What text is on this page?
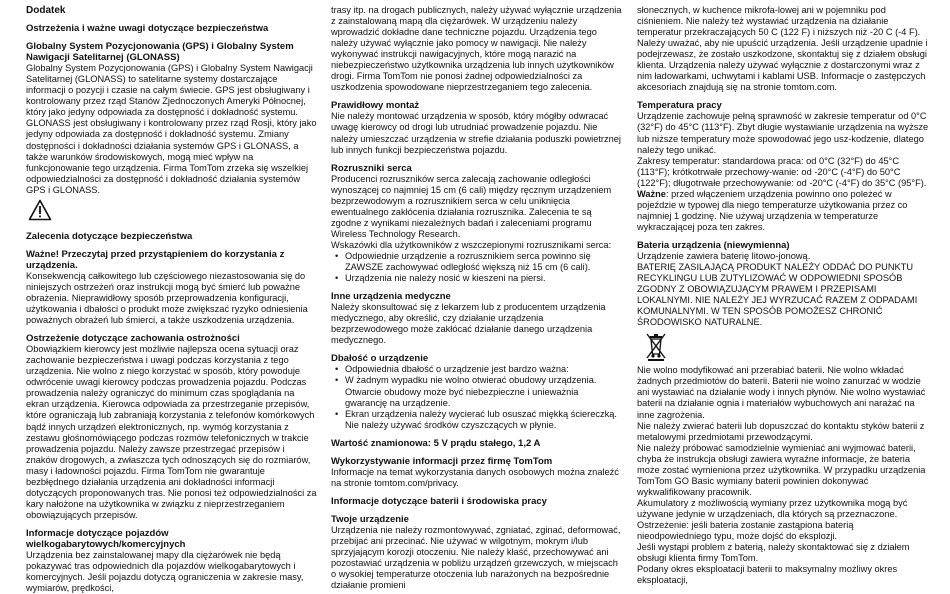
Dodatek

Ostrzeżenia i ważne uwagi dotyczące bezpieczeństwa

Globalny System Pozycjonowania (GPS) i Globalny System Nawigacji Satelitarnej (GLONASS)

Globalny System Pozycjonowania (GPS) i Globalny System Nawigacji Satelitarnej (GLONASS) to satelitarne systemy dostarczające informacji o pozycji i czasie na całym świecie. GPS jest obsługiwany i kontrolowany przez rząd Stanów Zjednoczonych Ameryki Północnej, który jako jedyny odpowiada za dostępność i dokładność systemu. GLONASS jest obsługiwany i kontrolowany przez rząd Rosji, który jako jedyny odpowiada za dostępność i dokładność systemu. Zmiany dostępności i dokładności działania systemów GPS i GLONASS, a także warunków środowiskowych, mogą mieć wpływ na funkcjonowanie tego urządzenia. Firma TomTom zrzeka się wszelkiej odpowiedzialności za dostępność i dokładność działania systemów GPS i GLONASS.

Zalecenia dotyczące bezpieczeństwa

Ważne! Przeczytaj przed przystąpieniem do korzystania z urządzenia.

Konsekwencją całkowitego lub częściowego niezastosowania się do niniejszych ostrzeżeń oraz instrukcji mogą być śmierć lub poważne obrażenia. Nieprawidłowy sposób przeprowadzenia konfiguracji, użytkowania i dbałości o produkt może zwiększać ryzyko odniesienia poważnych obrażeń lub śmierci, a także uszkodzenia urządzenia.

Ostrzeżenie dotyczące zachowania ostrożności

Obowiązkiem kierowcy jest możliwie najlepsza ocena sytuacji oraz zachowanie bezpieczeństwa i uwagi podczas korzystania z tego urządzenia. Nie wolno z niego korzystać w sposób, który powoduje odwrócenie uwagi kierowcy podczas prowadzenia pojazdu. Podczas prowadzenia należy ograniczyć do minimum czas spoglądania na ekran urządzenia. Kierowca odpowiada za przestrzeganie przepisów, które ograniczają lub zabraniają korzystania z telefonów komórkowych bądź innych urządzeń elektronicznych, np. wymóg korzystania z zestawu głośnomówiącego podczas rozmów telefonicznych w trakcie prowadzenia pojazdu. Należy zawsze przestrzegać przepisów i znaków drogowych, a zwłaszcza tych odnoszących się do rozmiarów, masy i ładowności pojazdu. Firma TomTom nie gwarantuje bezbłędnego działania urządzenia ani dokładności informacji dotyczących proponowanych tras. Nie ponosi też odpowiedzialności za kary nałożone na użytkownika w związku z nieprzestrzeganiem obowiązujących przepisów.

Informacje dotyczące pojazdów wielkogabarytowych/komercyjnych

Urządzenia bez zainstalowanej mapy dla ciężarówek nie będą pokazywać tras odpowiednich dla pojazdów wielkogabarytowych i komercyjnych. Jeśli pojazdu dotyczą ograniczenia w zakresie masy, wymiarów, prędkości,

trasy itp. na drogach publicznych, należy używać wyłącznie urządzenia z zainstalowaną mapą dla ciężarówek. W urządzeniu należy wprowadzić dokładne dane techniczne pojazdu. Urządzenia tego należy używać wyłącznie jako pomocy w nawigacji. Nie należy wykonywać instrukcji nawigacyjnych, które mogą narazić na niebezpieczeństwo użytkownika urządzenia lub innych użytkowników drogi. Firma TomTom nie ponosi żadnej odpowiedzialności za uszkodzenia spowodowane nieprzestrzeganiem tego zalecenia.

Prawidłowy montaż

Nie należy montować urządzenia w sposób, który mógłby odwracać uwagę kierowcy od drogi lub utrudniać prowadzenie pojazdu. Nie należy umieszczać urządzenia w strefie działania poduszki powietrznej lub innych funkcji bezpieczeństwa pojazdu.

Rozruszniki serca

Producenci rozruszników serca zalecają zachowanie odległości wynoszącej co najmniej 15 cm (6 cali) między ręcznym urządzeniem bezprzewodowym a rozrusznikiem serca w celu uniknięcia ewentualnego zakłócenia działania rozrusznika. Zalecenia te są zgodne z wynikami niezależnych badań i zaleceniami programu Wireless Technology Research.

Wskazówki dla użytkowników z wszczepionymi rozrusznikami serca:

• Odpowiednie urządzenie a rozrusznikiem serca powinno się ZAWSZE zachowywać odległość większą niż 15 cm (6 cali).
• Urządzenia nie należy nosić w kieszeni na piersi.

Inne urządzenia medyczne

Należy skonsultować się z lekarzem lub z producentem urządzenia medycznego, aby określić, czy działanie urządzenia bezprzewodowego może zakłócać działanie danego urządzenia medycznego.

Dbałość o urządzenie

• Odpowiednia dbałość o urządzenie jest bardzo ważna:
• W żadnym wypadku nie wolno otwierać obudowy urządzenia. Otwarcie obudowy może być niebezpieczne i unieważnia gwarancję na urządzenie.
• Ekran urządzenia należy wycierać lub osuszać miękką ściereczką. Nie należy używać środków czyszczących w płynie.

Wartość znamionowa: 5 V prądu stałego, 1,2 A

Wykorzystywanie informacji przez firmę TomTom

Informacje na temat wykorzystania danych osobowych można znaleźć na stronie tomtom.com/privacy.

Informacje dotyczące baterii i środowiska pracy

Twoje urządzenie

Urządzenia nie należy rozmontowywać, zgniatać, zginać, deformować, przebijać ani przecinać. Nie używać w wilgotnym, mokrym i/lub sprzyjającym korozji otoczeniu. Nie należy kłaść, przechowywać ani pozostawiać urządzenia w pobliżu urządzeń grzewczych, w miejscach o wysokiej temperaturze otoczenia lub narażonych na bezpośrednie działanie promieni

słonecznych, w kuchence mikrofa-lowej ani w pojemniku pod ciśnieniem. Nie należy też wystawiać urządzenia na działanie temperatur przekraczających 50 C (122 F) i niższych niż -20 C (-4 F).

Należy uważać, aby nie upuścić urządzenia. Jeśli urządzenie upadnie i podejrzewasz, że zostało uszkodzone, skontaktuj się z działem obsługi klienta. Urządzenia należy używać wyłącznie z dostarczonymi wraz z nim ładowarkami, uchwytami i kablami USB. Informacje o zastępczych akcesoriach znajdują się na stronie tomtom.com.

Temperatura pracy

Urządzenie zachowuje pełną sprawność w zakresie temperatur od 0°C (32°F) do 45°C (113°F). Zbyt długie wystawianie urządzenia na wyższe lub niższe temperatury może spowodować jego usz-kodzenie, dlatego należy tego unikać.

Zakresy temperatur: standardowa praca: od 0°C (32°F) do 45°C (113°F); krótkotrwałe przechowy-wanie: od -20°C (-4°F) do 50°C (122°F); długotrwałe przechowywanie: od -20°C (-4°F) do 35°C (95°F).

Ważne: przed włączeniem urządzenia powinno ono poleżeć w pojeździe w typowej dla niego temperaturze użytkowania przez co najmniej 1 godzinę. Nie używaj urządzenia w temperaturze wykraczającej poza ten zakres.

Bateria urządzenia (niewymienna)

Urządzenie zawiera baterię litowo-jonową.

BATERIĘ ZASILAJĄCĄ PRODUKT NALEŻY ODDAĆ DO PUNKTU RECYKLINGU LUB ZUTYLIZOWAĆ W ODPOWIEDNI SPOSÓB ZGODNY Z OBOWIĄZUJĄCYM PRAWEM I PRZEPISAMI LOKALNYMI. NIE NALEŻY JEJ WYRZUCAĆ RAZEM Z ODPADAMI KOMUNALNYMI. W TEN SPOSÓB POMOŻESZ CHRONIĆ ŚRODOWISKO NATURALNE.

Nie wolno modyfikować ani przerabiać baterii. Nie wolno wkładać żadnych przedmiotów do baterii. Baterii nie wolno zanurzać w wodzie ani wystawiać na działanie wody i innych płynów. Nie wolno wystawiać baterii na działanie ognia i materiałów wybuchowych ani narażać na inne zagrożenia.

Nie należy zwierać baterii lub dopuszczać do kontaktu styków baterii z metalowymi przedmiotami przewodzącymi.

Nie należy próbować samodzielnie wymieniać ani wyjmować baterii, chyba że instrukcja obsługi zawiera wyraźne informacje, że bateria może zostać wymieniona przez użytkownika. W przypadku urządzenia TomTom GO Basic wymiany baterii powinien dokonywać wykwalifikowany pracownik.

Akumulatory z możliwością wymiany przez użytkownika mogą być używane jedynie w urządzeniach, dla których są przeznaczone.

Ostrzeżenie: jeśli bateria zostanie zastąpiona baterią nieodpowiedniego typu, może dojść do eksplozji.

Jeśli wystąpi problem z baterią, należy skontaktować się z działem obsługi klienta firmy TomTom.

Podany okres eksploatacji baterii to maksymalny możliwy okres eksploatacji,
